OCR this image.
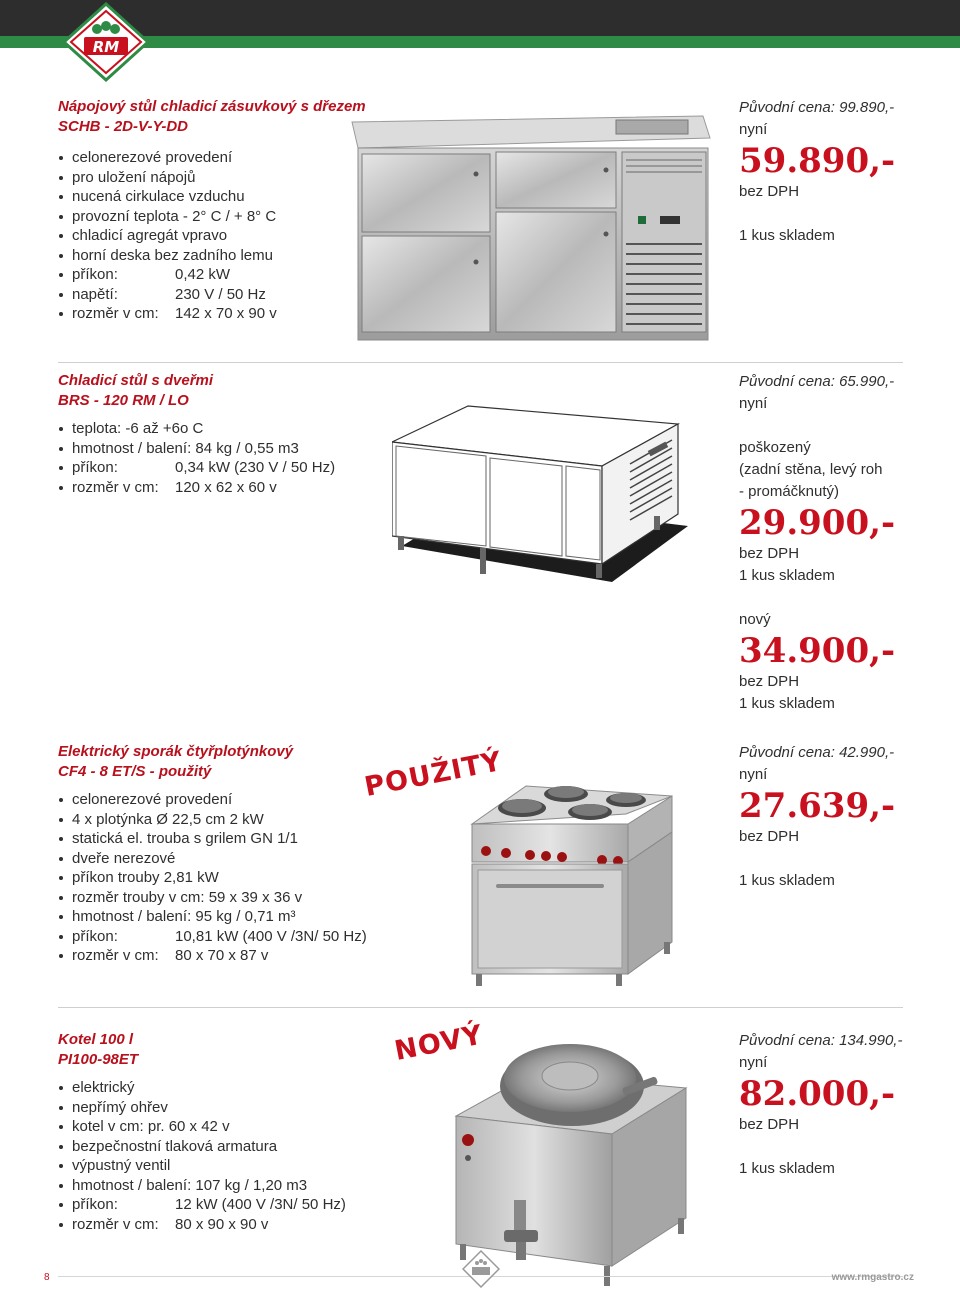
RM
Nápojový stůl chladicí zásuvkový s dřezem
SCHB - 2D-V-Y-DD
celonerezové provedení
pro uložení nápojů
nucená cirkulace vzduchu
provozní teplota - 2° C / + 8° C
chladicí agregát vpravo
horní deska bez zadního lemu
příkon:	0,42 kW
napětí:	230 V / 50 Hz
rozměr v cm: 142 x 70 x 90 v
Původní cena: 99.890,-
nyní
59.890,-
bez DPH
1 kus skladem
Chladicí stůl s dveřmi
BRS - 120 RM / LO
teplota: -6 až +6o C
hmotnost / balení: 84 kg / 0,55 m3
příkon:	0,34 kW (230 V / 50 Hz)
rozměr v cm: 120 x 62 x 60 v
Původní cena: 65.990,-
nyní
poškozený
(zadní stěna, levý roh
- promáčknutý)
29.900,-
bez DPH
1 kus skladem
nový
34.900,-
bez DPH
1 kus skladem
Elektrický sporák čtyřplotýnkový
CF4 - 8 ET/S - použitý
celonerezové provedení
4 x plotýnka Ø 22,5 cm 2 kW
statická el. trouba s grilem GN 1/1
dveře nerezové
příkon trouby 2,81 kW
rozměr trouby v cm: 59 x 39 x 36 v
hmotnost / balení: 95 kg / 0,71 m³
příkon:	10,81 kW (400 V /3N/ 50 Hz)
rozměr v cm: 80 x 70 x 87 v
POUŽITÝ	Původní cena: 42.990,-
nyní
27.639,-
bez DPH
1 kus skladem
Kotel 100 l
PI100-98ET
elektrický
nepřímý ohřev
kotel v cm: pr. 60 x 42 v
bezpečnostní tlaková armatura
výpustný ventil
hmotnost / balení: 107 kg / 1,20 m3
příkon:	12 kW (400 V /3N/ 50 Hz)
rozměr v cm: 80 x 90 x 90 v
NOVÝ	Původní cena: 134.990,-
nyní
82.000,-
bez DPH
1 kus skladem
8	www.rmgastro.cz
